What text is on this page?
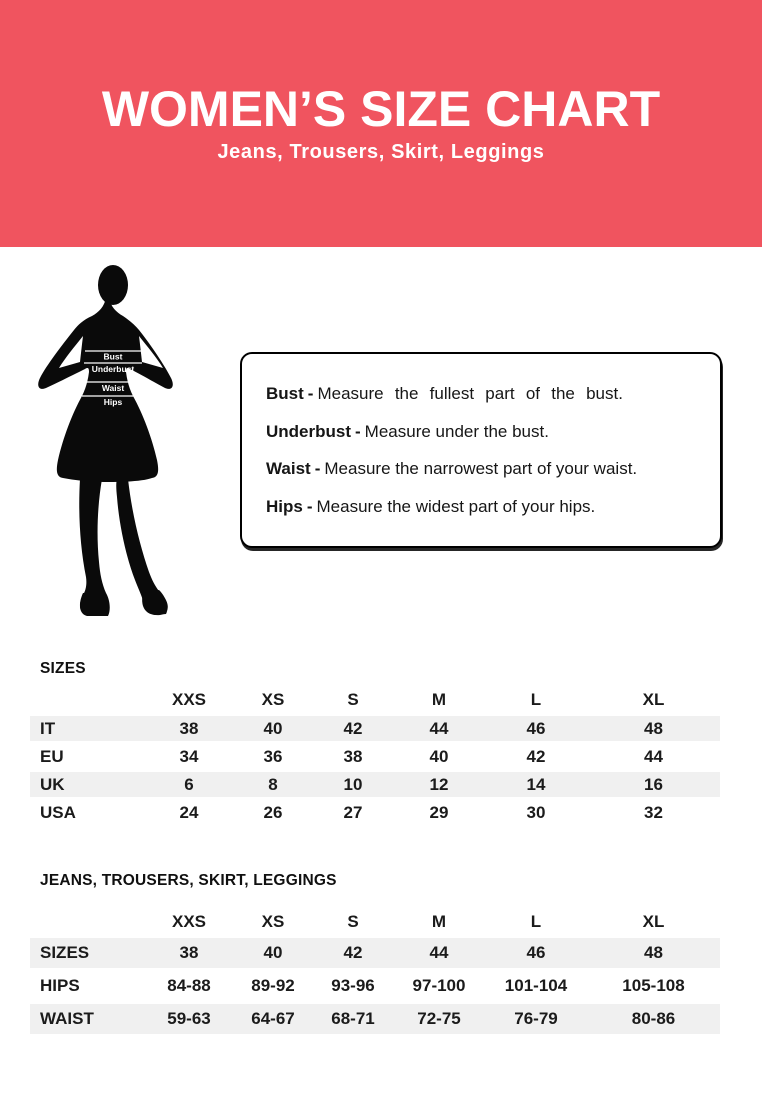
WOMEN’S SIZE CHART

Jeans, Trousers, Skirt, Leggings

Bust
Underbust
Waist
Hips	Bust - Measure the fullest part of the bust.

Underbust - Measure under the bust.

Waist - Measure the narrowest part of your waist.

Hips - Measure the widest part of your hips.

SIZES
	XXS	XS	S	M	L	XL
IT	38	40	42	44	46	48
EU	34	36	38	40	42	44
UK	6	8	10	12	14	16
USA	24	26	27	29	30	32
JEANS, TROUSERS, SKIRT, LEGGINGS
	XXS	XS	S	M	L	XL
SIZES	38	40	42	44	46	48
HIPS	84-88	89-92	93-96	97-100	101-104	105-108
WAIST	59-63	64-67	68-71	72-75	76-79	80-86
